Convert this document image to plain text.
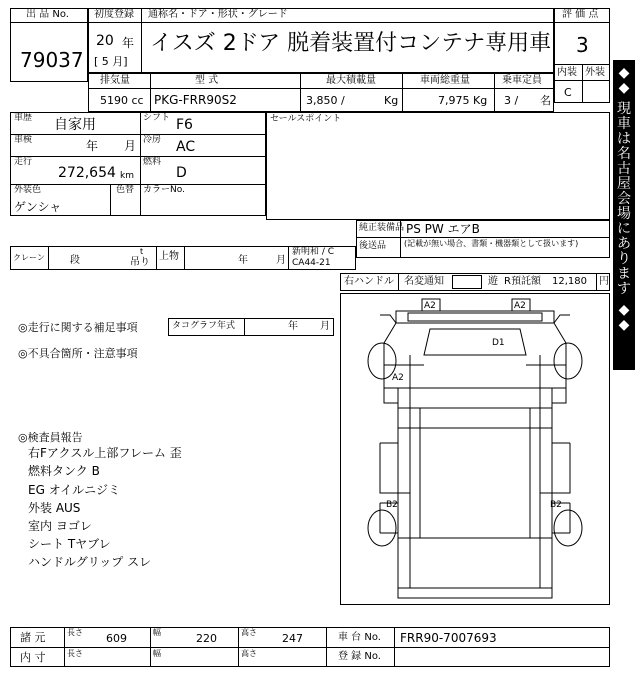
出 品 No.
79037
初度登録
20 年
[ 5 月]
通称名・ドア・形状・グレード
イスズ 2ドア 脱着装置付コンテナ専用車
評 価 点
3
内装 外装
C
排気量	型 式	最大積載量	車両総重量	乗車定員
5190 cc PKG-FRR90S2	3,850 /	Kg	7,975 Kg 3 / 名
車歴 自家用	シフト F6
車検	年 月 冷房 AC
走行
272,654 km
燃料
D
外装色
ゲンシャ
色替 カラーNo.
セールスポイント
純正装備品 PS PW エアB
後送品 (記載が無い場合、書類・機器類として扱います)
クレーン	段
t
吊り
上物	年	月
新明和 / C
CA44-21
右ハンドル 名変通知	遊 R預託額 12,180 円
◎走行に関する補足事項	タコグラフ年式	年 月
◎不具合箇所・注意事項
◎検査員報告
右Fアクスル上部フレーム 歪
燃料タンク B
EG オイルニジミ
外装 AUS
室内 ヨゴレ
シート Tヤブレ
ハンドルグリップ スレ
A2	A2
D1
A2
B2	B2
◆
◆
現
車
は
名
古
屋
会
場
に
あ
り
ま
す
◆
◆
諸 元	長さ 609	幅	220	高さ 247	車 台 No. FRR90-7007693
内 寸	長さ	幅	高さ	登 録 No.
